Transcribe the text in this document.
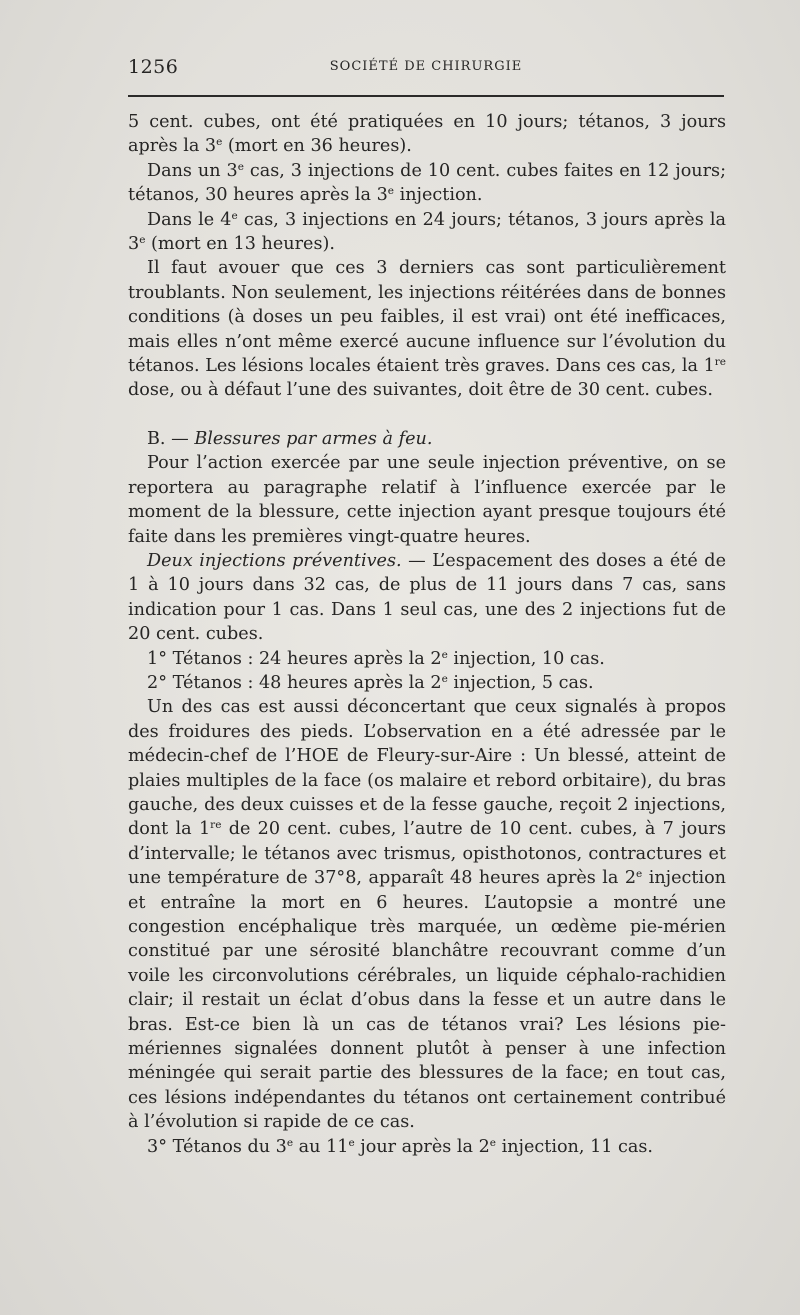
1256	SOCIÉTÉ DE CHIRURGIE

5 cent. cubes, ont été pratiquées en 10 jours; tétanos, 3 jours après la 3e (mort en 36 heures).

Dans un 3e cas, 3 injections de 10 cent. cubes faites en 12 jours; tétanos, 30 heures après la 3e injection.

Dans le 4e cas, 3 injections en 24 jours; tétanos, 3 jours après la 3e (mort en 13 heures).

Il faut avouer que ces 3 derniers cas sont particulièrement troublants. Non seulement, les injections réitérées dans de bonnes conditions (à doses un peu faibles, il est vrai) ont été inefficaces, mais elles n’ont même exercé aucune influence sur l’évolution du tétanos. Les lésions locales étaient très graves. Dans ces cas, la 1re dose, ou à défaut l’une des suivantes, doit être de 30 cent. cubes.

B. — Blessures par armes à feu.

Pour l’action exercée par une seule injection préventive, on se reportera au paragraphe relatif à l’influence exercée par le moment de la blessure, cette injection ayant presque toujours été faite dans les premières vingt-quatre heures.

Deux injections préventives. — L’espacement des doses a été de 1 à 10 jours dans 32 cas, de plus de 11 jours dans 7 cas, sans indication pour 1 cas. Dans 1 seul cas, une des 2 injections fut de 20 cent. cubes.

1° Tétanos : 24 heures après la 2e injection, 10 cas.

2° Tétanos : 48 heures après la 2e injection, 5 cas.

Un des cas est aussi déconcertant que ceux signalés à propos des froidures des pieds. L’observation en a été adressée par le médecin-chef de l’HOE de Fleury-sur-Aire : Un blessé, atteint de plaies multiples de la face (os malaire et rebord orbitaire), du bras gauche, des deux cuisses et de la fesse gauche, reçoit 2 injections, dont la 1re de 20 cent. cubes, l’autre de 10 cent. cubes, à 7 jours d’intervalle; le tétanos avec trismus, opisthotonos, contractures et une température de 37°8, apparaît 48 heures après la 2e injection et entraîne la mort en 6 heures. L’autopsie a montré une congestion encéphalique très marquée, un œdème pie-mérien constitué par une sérosité blanchâtre recouvrant comme d’un voile les circonvolutions cérébrales, un liquide céphalo-rachidien clair; il restait un éclat d’obus dans la fesse et un autre dans le bras. Est-ce bien là un cas de tétanos vrai? Les lésions pie-mériennes signalées donnent plutôt à penser à une infection méningée qui serait partie des blessures de la face; en tout cas, ces lésions indépendantes du tétanos ont certainement contribué à l’évolution si rapide de ce cas.

3° Tétanos du 3e au 11e jour après la 2e injection, 11 cas.
